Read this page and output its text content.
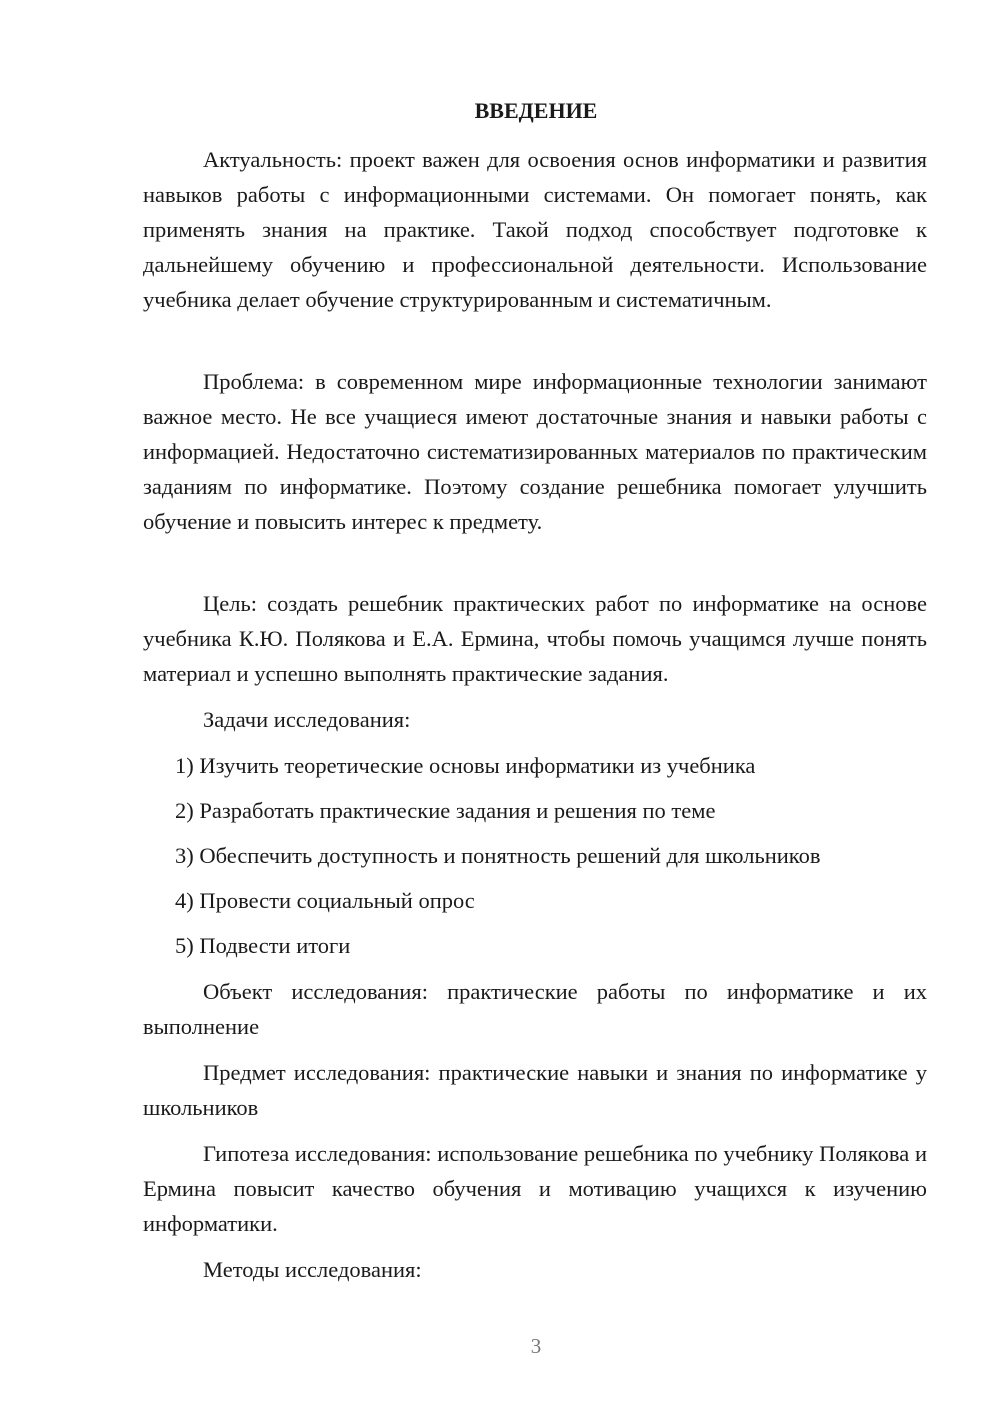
ВВЕДЕНИЕ

Актуальность: проект важен для освоения основ информатики и развития навыков работы с информационными системами. Он помогает понять, как применять знания на практике. Такой подход способствует подготовке к дальнейшему обучению и профессиональной деятельности. Использование учебника делает обучение структурированным и систематичным.

Проблема: в современном мире информационные технологии занимают важное место. Не все учащиеся имеют достаточные знания и навыки работы с информацией. Недостаточно систематизированных материалов по практическим заданиям по информатике. Поэтому создание решебника помогает улучшить обучение и повысить интерес к предмету.

Цель: создать решебник практических работ по информатике на основе учебника К.Ю. Полякова и Е.А. Ермина, чтобы помочь учащимся лучше понять материал и успешно выполнять практические задания.

Задачи исследования:

1) Изучить теоретические основы информатики из учебника

2) Разработать практические задания и решения по теме

3) Обеспечить доступность и понятность решений для школьников

4) Провести социальный опрос

5) Подвести итоги

Объект исследования: практические работы по информатике и их выполнение

Предмет исследования: практические навыки и знания по информатике у школьников

Гипотеза исследования: использование решебника по учебнику Полякова и Ермина повысит качество обучения и мотивацию учащихся к изучению информатики.

Методы исследования:

3
